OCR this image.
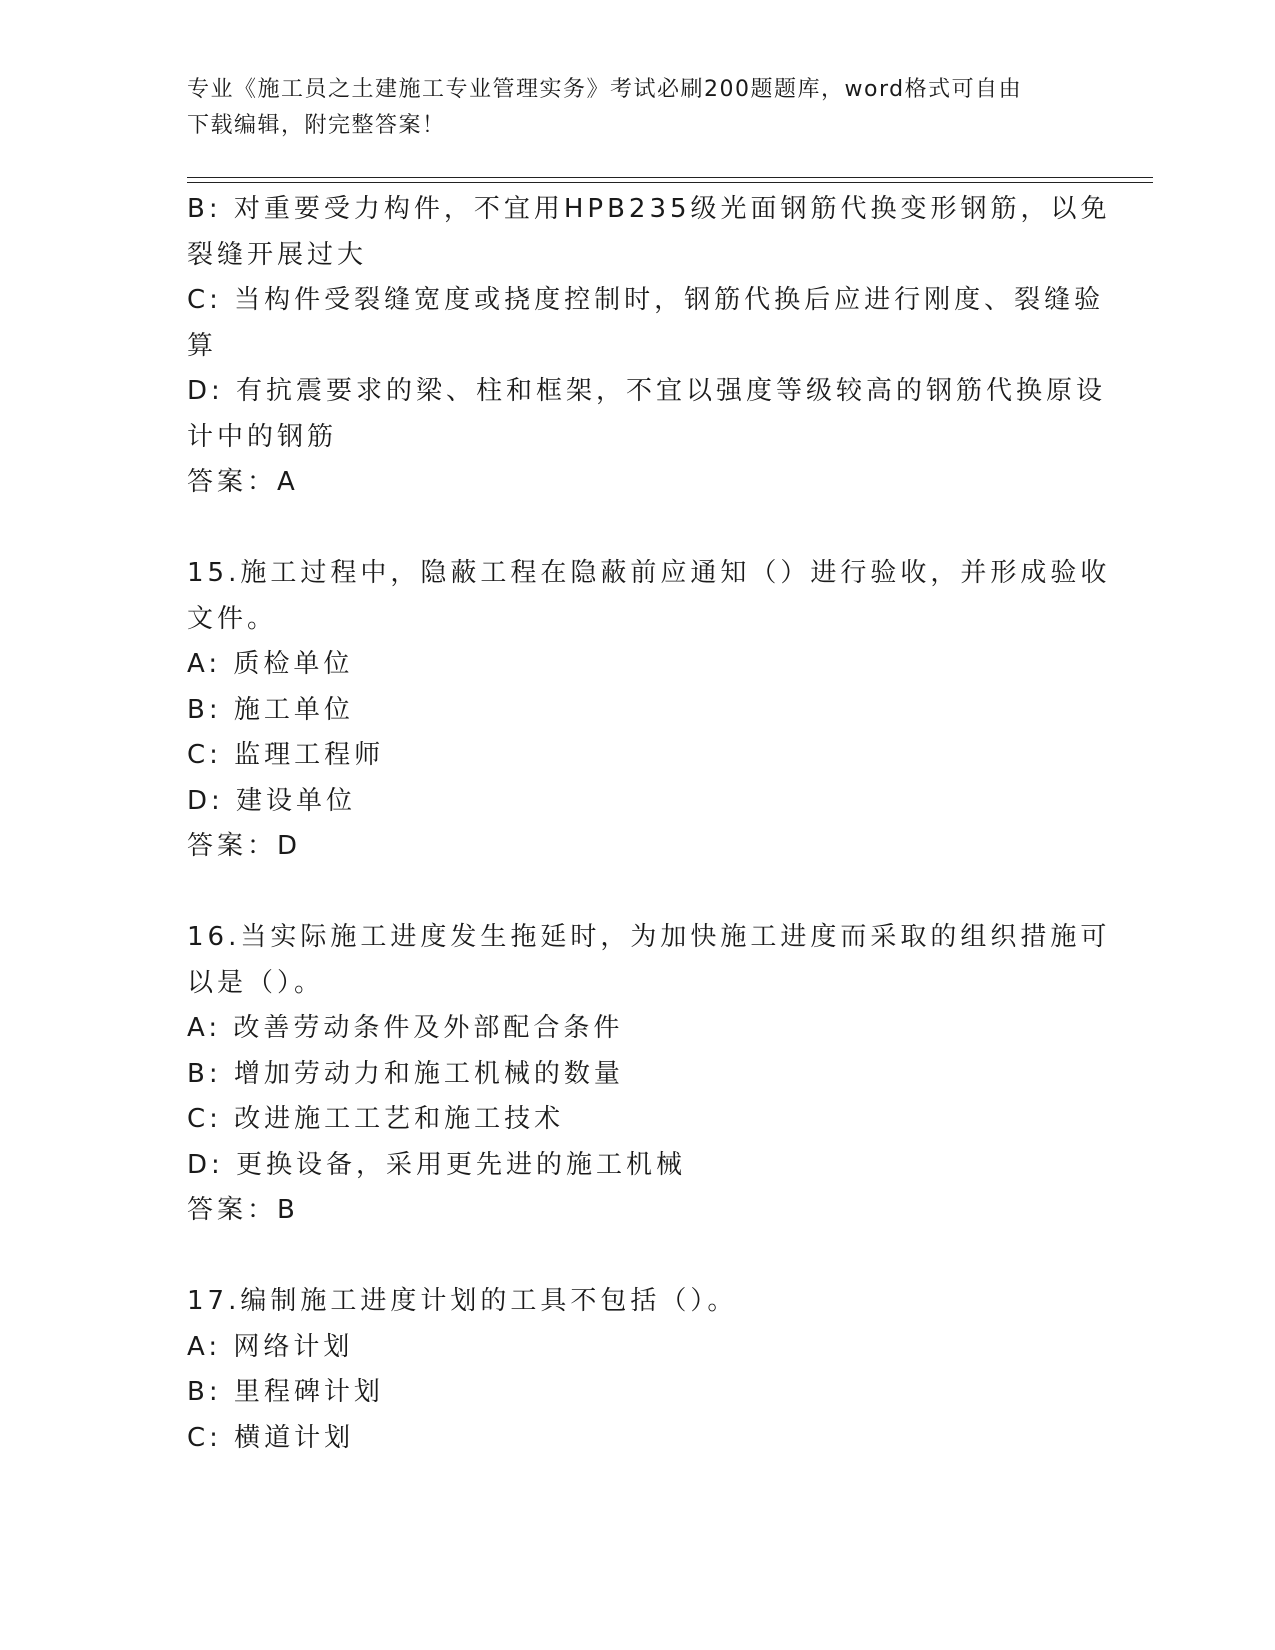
专业《施工员之土建施工专业管理实务》考试必刷200题题库，word格式可自由
下载编辑，附完整答案！
B: 对重要受力构件，不宜用HPB235级光面钢筋代换变形钢筋，以免
裂缝开展过大
C: 当构件受裂缝宽度或挠度控制时，钢筋代换后应进行刚度、裂缝验
算
D: 有抗震要求的梁、柱和框架，不宜以强度等级较高的钢筋代换原设
计中的钢筋
答案：A
15.施工过程中，隐蔽工程在隐蔽前应通知（）进行验收，并形成验收
文件。
A: 质检单位
B: 施工单位
C: 监理工程师
D: 建设单位
答案：D
16.当实际施工进度发生拖延时，为加快施工进度而采取的组织措施可
以是（）。
A: 改善劳动条件及外部配合条件
B: 增加劳动力和施工机械的数量
C: 改进施工工艺和施工技术
D: 更换设备，采用更先进的施工机械
答案：B
17.编制施工进度计划的工具不包括（）。
A: 网络计划
B: 里程碑计划
C: 横道计划
